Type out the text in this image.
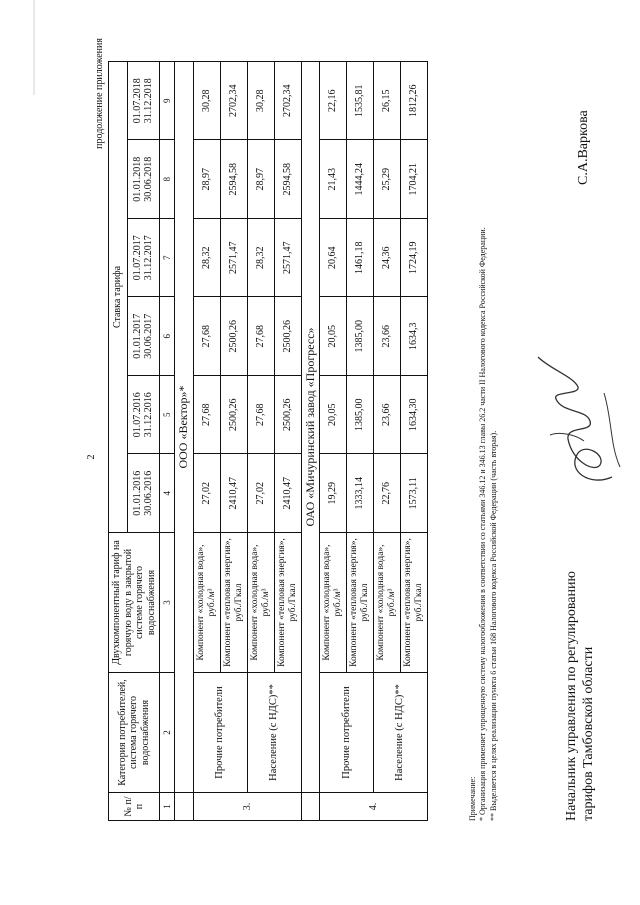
2
продолжение приложения
№ п/п	Категория потребителей, система горячего водоснабжения	Двухкомпонентный тариф на горячую воду в закрытой системе горячего водоснабжения	Ставка тарифа					
			01.01.2016 30.06.2016	01.07.2016 31.12.2016	01.01.2017 30.06.2017	01.07.2017 31.12.2017	01.01.2018 30.06.2018	01.07.2018 31.12.2018
1	2	3	4	5	6	7	8	9
	ООО «Вектор»*							
3.	Прочие потребители	Компонент «холодная вода», руб./м³	27,02	27,68	27,68	28,32	28,97	30,28
		Компонент «тепловая энергия», руб./Гкал	2410,47	2500,26	2500,26	2571,47	2594,58	2702,34
	Население (с НДС)**	Компонент «холодная вода», руб./м³	27,02	27,68	27,68	28,32	28,97	30,28
		Компонент «тепловая энергия», руб./Гкал	2410,47	2500,26	2500,26	2571,47	2594,58	2702,34
	ОАО «Мичуринский завод «Прогресс»							
4.	Прочие потребители	Компонент «холодная вода», руб./м³	19,29	20,05	20,05	20,64	21,43	22,16
		Компонент «тепловая энергия», руб./Гкал	1333,14	1385,00	1385,00	1461,18	1444,24	1535,81
	Население (с НДС)**	Компонент «холодная вода», руб./м³	22,76	23,66	23,66	24,36	25,29	26,15
		Компонент «тепловая энергия», руб./Гкал	1573,11	1634,30	1634,3	1724,19	1704,21	1812,26
Примечание: * Организация применяет упрощенную систему налогообложения в соответствии со статьями 346.12 и 346.13 главы 26.2 части II Налогового кодекса Российской Федерации. ** Выделяется в целях реализации пункта 6 статьи 168 Налогового кодекса Российской Федерации (часть вторая).	Начальник управления по регулированию тарифов Тамбовской области
С.А.Варкова
